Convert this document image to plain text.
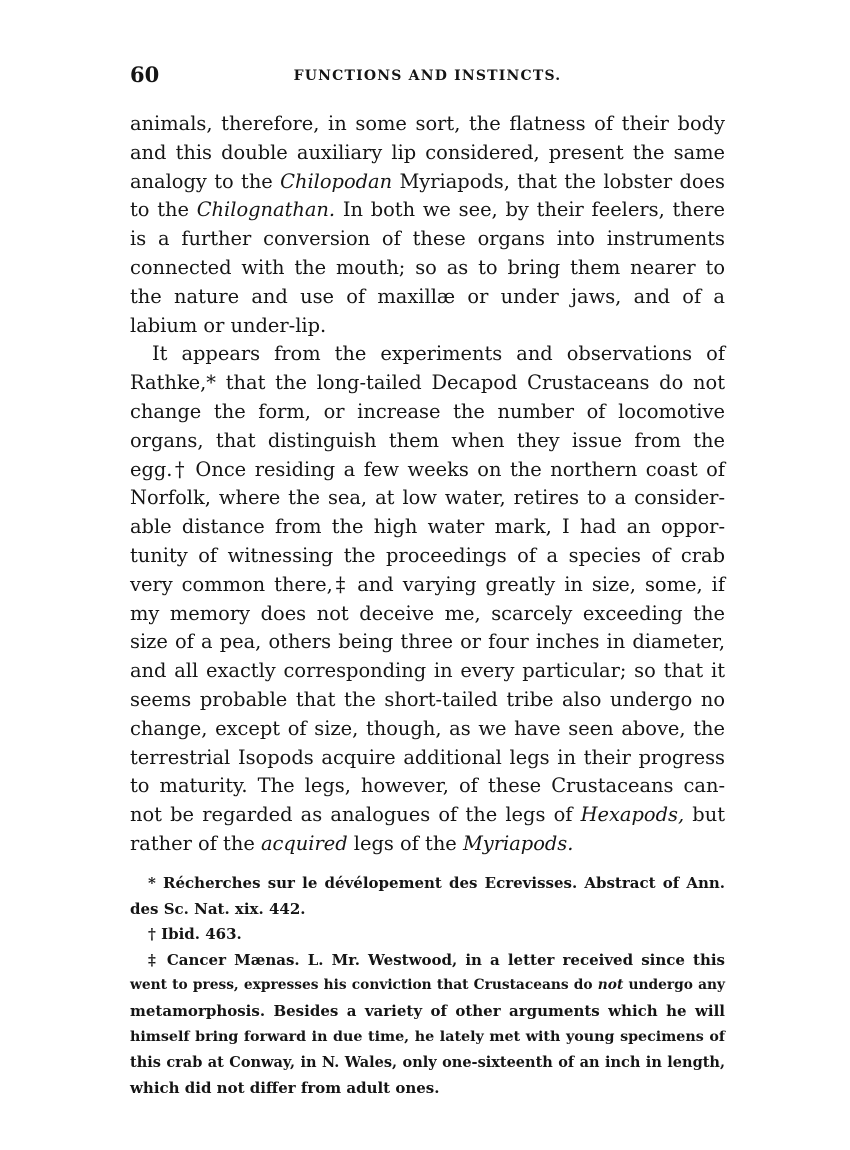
60	FUNCTIONS AND INSTINCTS.
animals, therefore, in some sort, the flatness of their body
and this double auxiliary lip considered, present the same
analogy to the Chilopodan Myriapods, that the lobster does
to the Chilognathan. In both we see, by their feelers, there
is a further conversion of these organs into instruments
connected with the mouth; so as to bring them nearer to
the nature and use of maxillæ or under jaws, and of a
labium or under-lip.
It appears from the experiments and observations of
Rathke,* that the long-tailed Decapod Crustaceans do not
change the form, or increase the number of locomotive
organs, that distinguish them when they issue from the
egg.† Once residing a few weeks on the northern coast of
Norfolk, where the sea, at low water, retires to a consider-
able distance from the high water mark, I had an oppor-
tunity of witnessing the proceedings of a species of crab
very common there,‡ and varying greatly in size, some, if
my memory does not deceive me, scarcely exceeding the
size of a pea, others being three or four inches in diameter,
and all exactly corresponding in every particular; so that it
seems probable that the short-tailed tribe also undergo no
change, except of size, though, as we have seen above, the
terrestrial Isopods acquire additional legs in their progress
to maturity. The legs, however, of these Crustaceans can-
not be regarded as analogues of the legs of Hexapods, but
rather of the acquired legs of the Myriapods.
* Récherches sur le dévélopement des Ecrevisses. Abstract of Ann.
des Sc. Nat. xix. 442.
† Ibid. 463.
‡ Cancer Mænas. L. Mr. Westwood, in a letter received since this
went to press, expresses his conviction that Crustaceans do not undergo any
metamorphosis. Besides a variety of other arguments which he will
himself bring forward in due time, he lately met with young specimens of
this crab at Conway, in N. Wales, only one-sixteenth of an inch in length,
which did not differ from adult ones.
